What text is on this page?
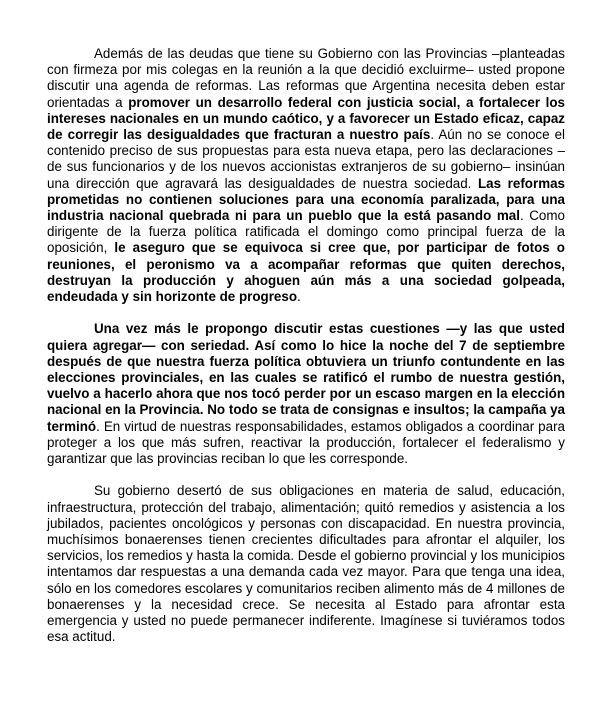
Además de las deudas que tiene su Gobierno con las Provincias –planteadas con firmeza por mis colegas en la reunión a la que decidió excluirme– usted propone discutir una agenda de reformas. Las reformas que Argentina necesita deben estar orientadas a promover un desarrollo federal con justicia social, a fortalecer los intereses nacionales en un mundo caótico, y a favorecer un Estado eficaz, capaz de corregir las desigualdades que fracturan a nuestro país. Aún no se conoce el contenido preciso de sus propuestas para esta nueva etapa, pero las declaraciones –de sus funcionarios y de los nuevos accionistas extranjeros de su gobierno– insinúan una dirección que agravará las desigualdades de nuestra sociedad. Las reformas prometidas no contienen soluciones para una economía paralizada, para una industria nacional quebrada ni para un pueblo que la está pasando mal. Como dirigente de la fuerza política ratificada el domingo como principal fuerza de la oposición, le aseguro que se equivoca si cree que, por participar de fotos o reuniones, el peronismo va a acompañar reformas que quiten derechos, destruyan la producción y ahoguen aún más a una sociedad golpeada, endeudada y sin horizonte de progreso.

Una vez más le propongo discutir estas cuestiones —y las que usted quiera agregar— con seriedad. Así como lo hice la noche del 7 de septiembre después de que nuestra fuerza política obtuviera un triunfo contundente en las elecciones provinciales, en las cuales se ratificó el rumbo de nuestra gestión, vuelvo a hacerlo ahora que nos tocó perder por un escaso margen en la elección nacional en la Provincia. No todo se trata de consignas e insultos; la campaña ya terminó. En virtud de nuestras responsabilidades, estamos obligados a coordinar para proteger a los que más sufren, reactivar la producción, fortalecer el federalismo y garantizar que las provincias reciban lo que les corresponde.

Su gobierno desertó de sus obligaciones en materia de salud, educación, infraestructura, protección del trabajo, alimentación; quitó remedios y asistencia a los jubilados, pacientes oncológicos y personas con discapacidad. En nuestra provincia, muchísimos bonaerenses tienen crecientes dificultades para afrontar el alquiler, los servicios, los remedios y hasta la comida. Desde el gobierno provincial y los municipios intentamos dar respuestas a una demanda cada vez mayor. Para que tenga una idea, sólo en los comedores escolares y comunitarios reciben alimento más de 4 millones de bonaerenses y la necesidad crece. Se necesita al Estado para afrontar esta emergencia y usted no puede permanecer indiferente. Imagínese si tuviéramos todos esa actitud.
